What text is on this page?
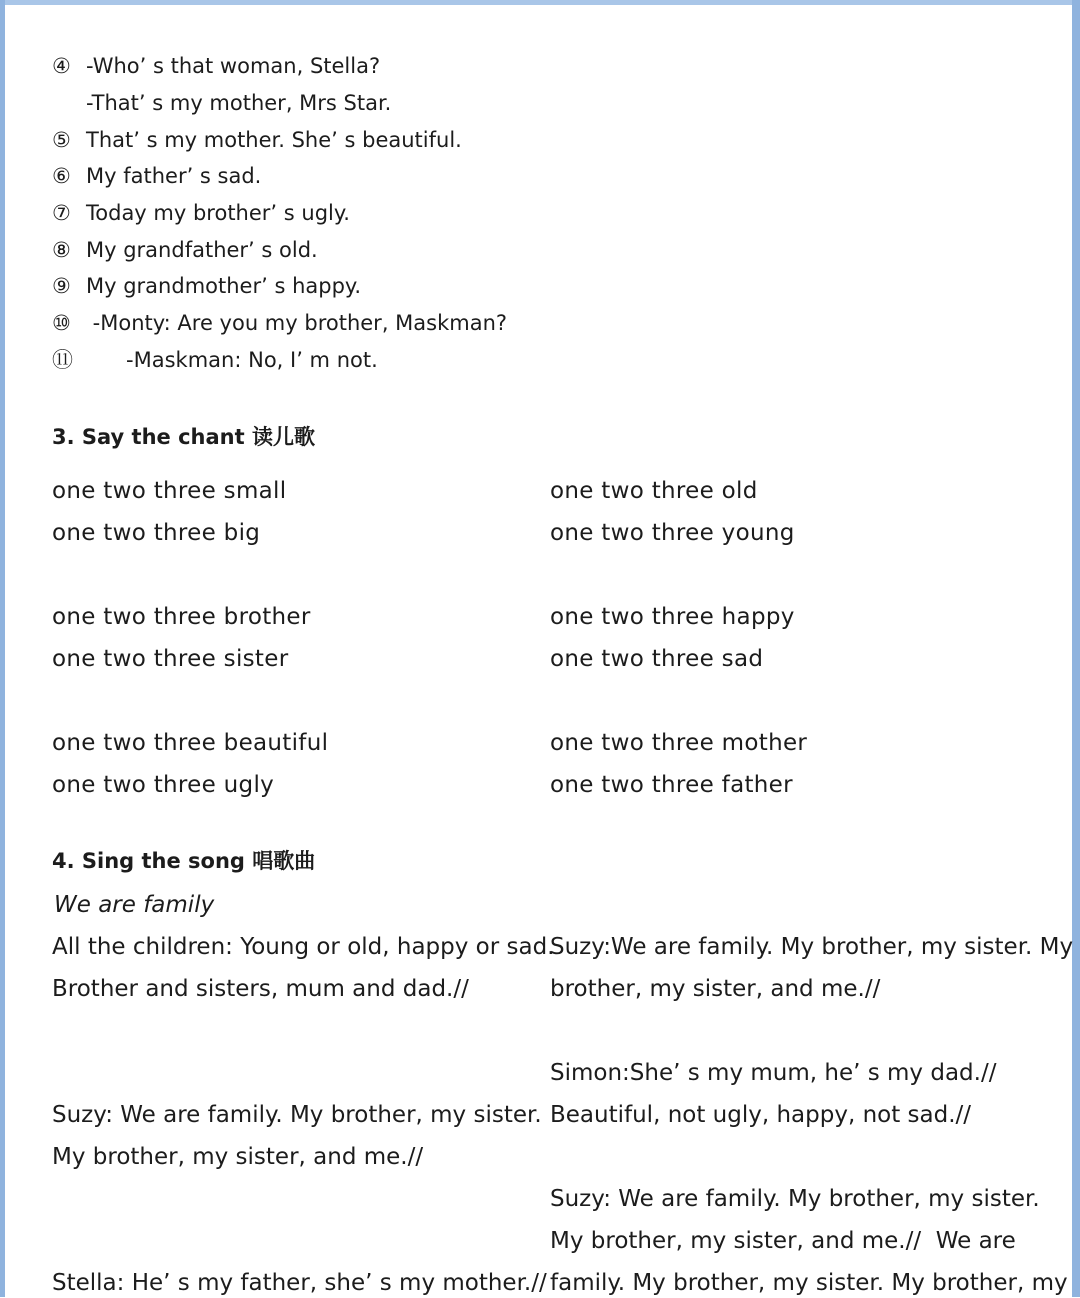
④ -Who’ s that woman, Stella?
-That’ s my mother, Mrs Star.
⑤ That’ s my mother. She’ s beautiful.
⑥ My father’ s sad.
⑦ Today my brother’ s ugly.
⑧ My grandfather’ s old.
⑨ My grandmother’ s happy.
⑩ -Monty: Are you my brother, Maskman?
⑪      -Maskman: No, I’ m not.
3. Say the chant 读儿歌
one two three small
one two three big
one two three brother
one two three sister
one two three beautiful
one two three ugly
one two three old
one two three young
one two three happy
one two three sad
one two three mother
one two three father
4. Sing the song 唱歌曲
We are family
All the children: Young or old, happy or sad.
Brother and sisters, mum and dad.//
Suzy: We are family. My brother, my sister.
My brother, my sister, and me.//
Stella: He’ s my father, she’ s my mother.//
Suzy:We are family. My brother, my sister. My
brother, my sister, and me.//
Simon:She’ s my mum, he’ s my dad.//
Beautiful, not ugly, happy, not sad.//
Suzy: We are family. My brother, my sister.
My brother, my sister, and me.//  We are
family. My brother, my sister. My brother, my
